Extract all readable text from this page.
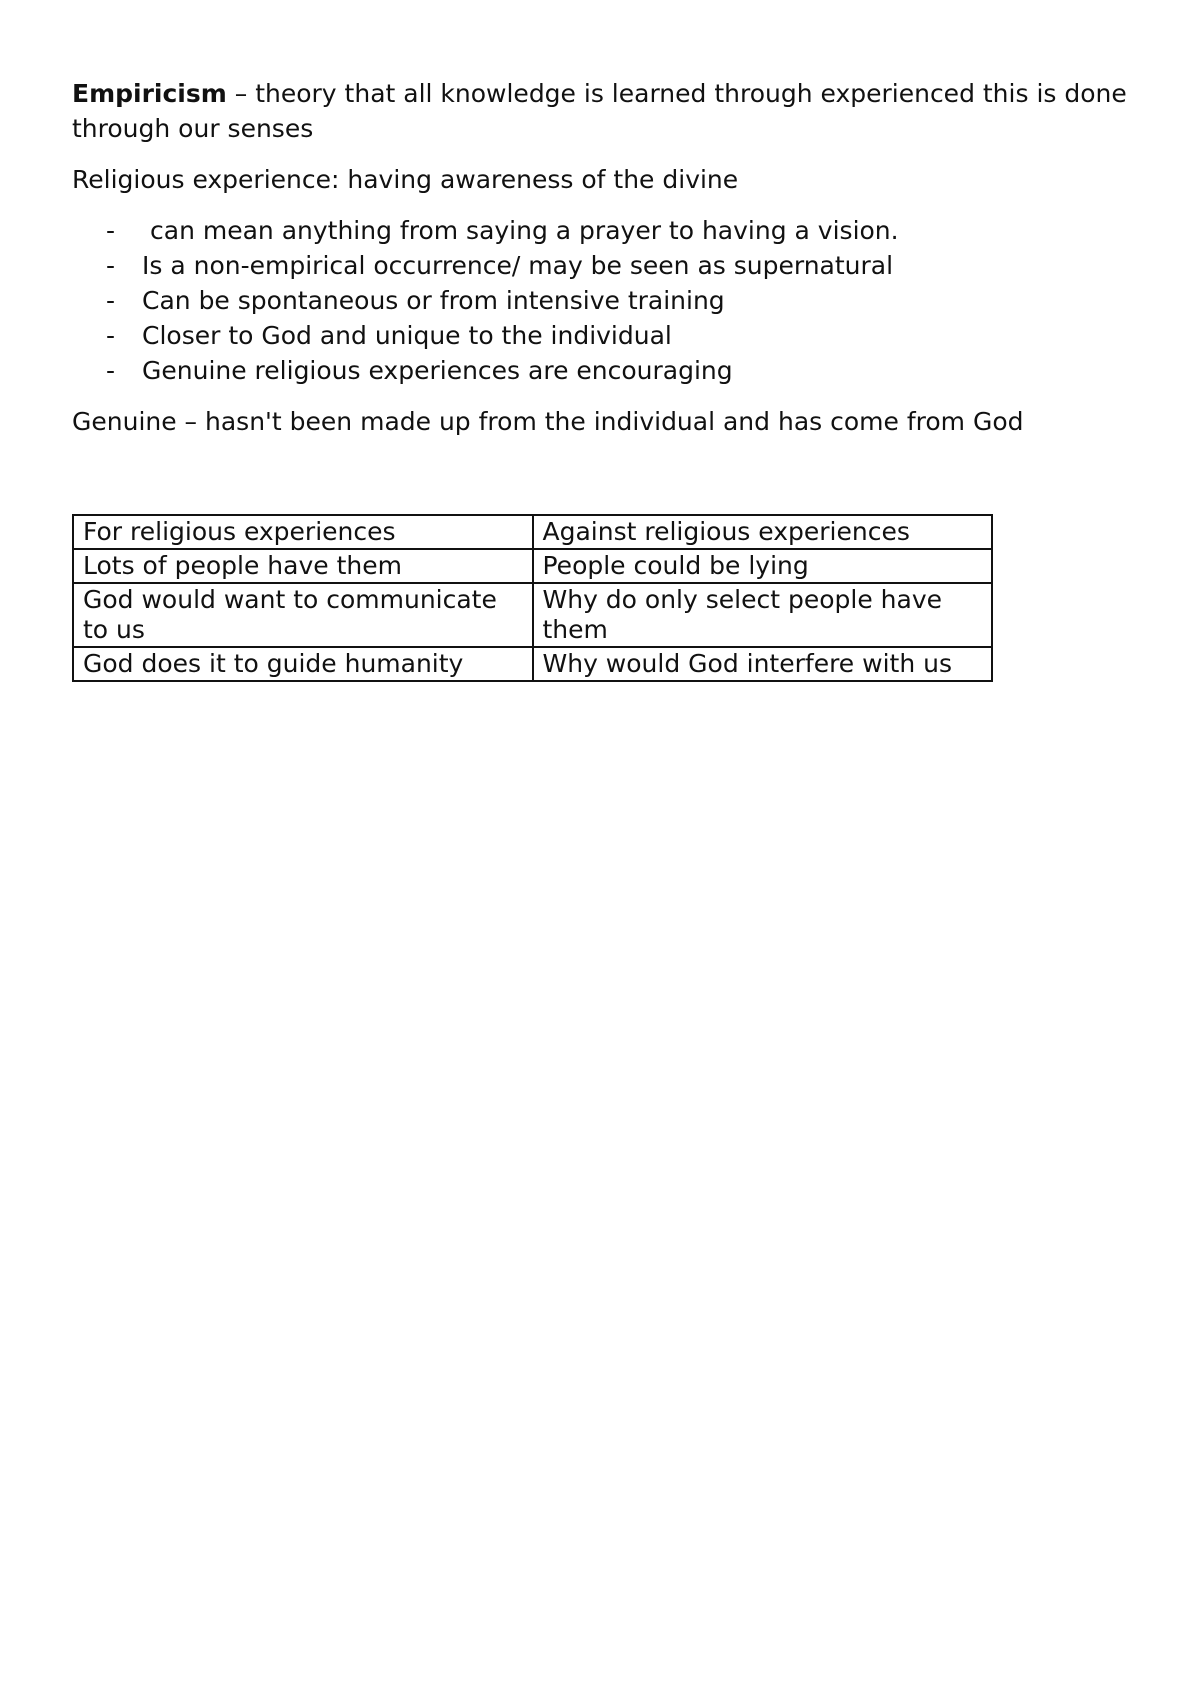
Empiricism – theory that all knowledge is learned through experienced this is done through our senses

Religious experience: having awareness of the divine

- can mean anything from saying a prayer to having a vision.
- Is a non-empirical occurrence/ may be seen as supernatural
- Can be spontaneous or from intensive training
- Closer to God and unique to the individual
- Genuine religious experiences are encouraging

Genuine – hasn't been made up from the individual and has come from God

For religious experiences	Against religious experiences
Lots of people have them	People could be lying
God would want to communicate to us	Why do only select people have them
God does it to guide humanity	Why would God interfere with us
